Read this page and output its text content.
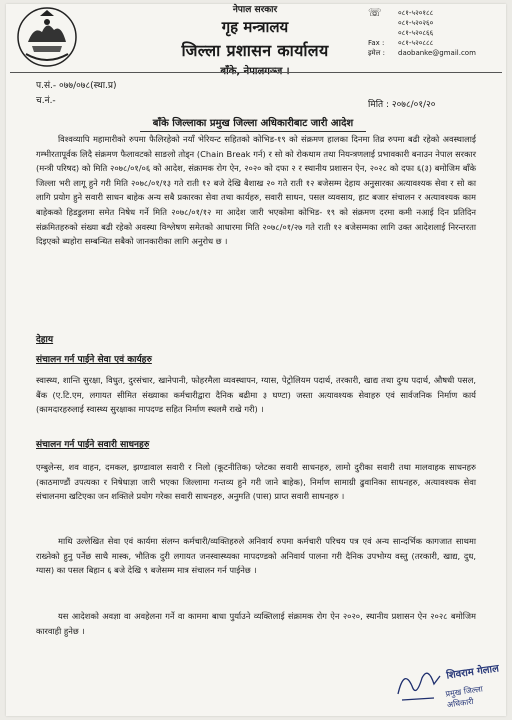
नेपाल सरकार
गृह मन्त्रालय
जिल्ला प्रशासन कार्यालय
बाँके, नेपालगञ्ज ।
☏	०८१-५२०१८८
०८१-५२०२६०
०८१-५२०८६६
Fax :	०८१-५२०८८८
इमेल :	daobanke@gmail.com
प.सं.- ०७७/०७८(स्था.प्र)
च.नं.-	मिति : २०७८/०१/२०
बाँके जिल्लाका प्रमुख जिल्ला अधिकारीबाट जारी आदेश
विश्वव्यापि महामारीको रुपमा फैलिरहेको नयाँ भेरियन्ट सहितको कोभिड-१९ को संक्रमण हालका दिनमा तिव्र रुपमा बढी रहेको अवस्थालाई गम्भीरतापूर्वक लिदै संक्रमण फैलावटको साङलो तोड्न (Chain Break गर्न) र सो को रोकथाम तथा नियन्त्रणलाई प्रभावकारी बनाउन नेपाल सरकार (मन्त्री परिषद) को मिति २०७८/०१/०६ को आदेश, संक्रामक रोग ऐन, २०२० को दफा २ र स्थानीय प्रशासन ऐन, २०२८ को दफा ६(३) बमोजिम बाँके जिल्ला भरी लागू हुने गरी मिति २०७८/०१/१३ गते राती १२ बजे देखि बैशाख २० गते राती १२ बजेसम्म देहाय अनुसारका अत्यावश्यक सेवा र सो का लागि प्रयोग हुने सवारी साधन बाहेक अन्य सबै प्रकारका सेवा तथा कार्यहरु, सवारी साधन, पसल व्यवसाय, हाट बजार संचालन र अत्यावश्यक काम बाहेकको हिडडुलमा समेत निषेध गर्ने मिति २०७८/०१/१२ मा आदेश जारी भएकोमा कोभिड- १९ को संक्रमण दरमा कमी नआई दिन प्रतिदिन संक्रमितहरुको संख्या बढी रहेको अवस्था विश्लेषण समेतको आधारमा मिति २०७८/०१/२७ गते राती १२ बजेसम्मका लागि उक्त आदेशलाई निरन्तरता दिइएको ब्यहोरा सम्बन्धित सबैको जानकारीका लागि अनुरोध छ ।
देहाय
संचालन गर्न पाईने सेवा एवं कार्यहरु
स्वास्थ्य, शान्ति सुरक्षा, विधुत, दुरसंचार, खानेपानी, फोहरमैला व्यवस्थापन, ग्यास, पेट्रोलियम पदार्थ, तरकारी, खाद्य तथा दुग्ध पदार्थ, औषधी पसल, बैंक (ए.टि.एम, लगायत सीमित संख्याका कर्मचारीद्वारा दैनिक बढीमा ३ घण्टा) जस्ता अत्यावश्यक सेवाहरु एवं सार्वजनिक निर्माण कार्य (कामदारहरुलाई स्वास्थ्य सुरक्षाका मापदण्ड सहित निर्माण स्थलमै राखे गरी) ।
संचालन गर्न पाईने सवारी साधनहरु
एम्बुलेन्स, शव वाहन, दमकल, झण्डावाल सवारी र निलो (कूटनीतिक) प्लेटका सवारी साधनहरु, लामो दुरीका सवारी तथा मालवाहक साधनहरु (काठमाण्डौं उपत्यका र निषेधाज्ञा जारी भएका जिल्लामा गन्तव्य हुने गरी जाने बाहेक), निर्माण सामाग्री ढुवानिका साधनहरु, अत्यावश्यक सेवा संचालनमा खटिएका जन शक्तिले प्रयोग गरेका सवारी साधनहरु, अनुमति (पास) प्राप्त सवारी साधनहरु ।
माथि उल्लेखित सेवा एवं कार्यमा संलग्न कर्मचारी/व्यक्तिहरुले अनिवार्य रुपमा कर्मचारी परिचय पत्र एवं अन्य सान्दर्भिक कागजात साथमा राख्नेको हुनु पर्नेछ साथै मास्क, भौतिक दुरी लगायत जनस्वास्थ्यका मापदण्डको अनिवार्य पालना गरी दैनिक उपभोग्य वस्तु (तरकारी, खाद्य, दुध, ग्यास) का पसल बिहान ६ बजे देखि ९ बजेसम्म मात्र संचालन गर्न पाईनेछ ।
यस आदेशको अवज्ञा वा अवहेलना गर्ने वा काममा बाधा पुर्याउने व्यक्तिलाई संक्रामक रोग ऐन २०२०, स्थानीय प्रशासन ऐन २०२८ बमोजिम कारवाही हुनेछ ।
शिवराम गेलाल
प्रमुख जिल्ला अधिकारी
